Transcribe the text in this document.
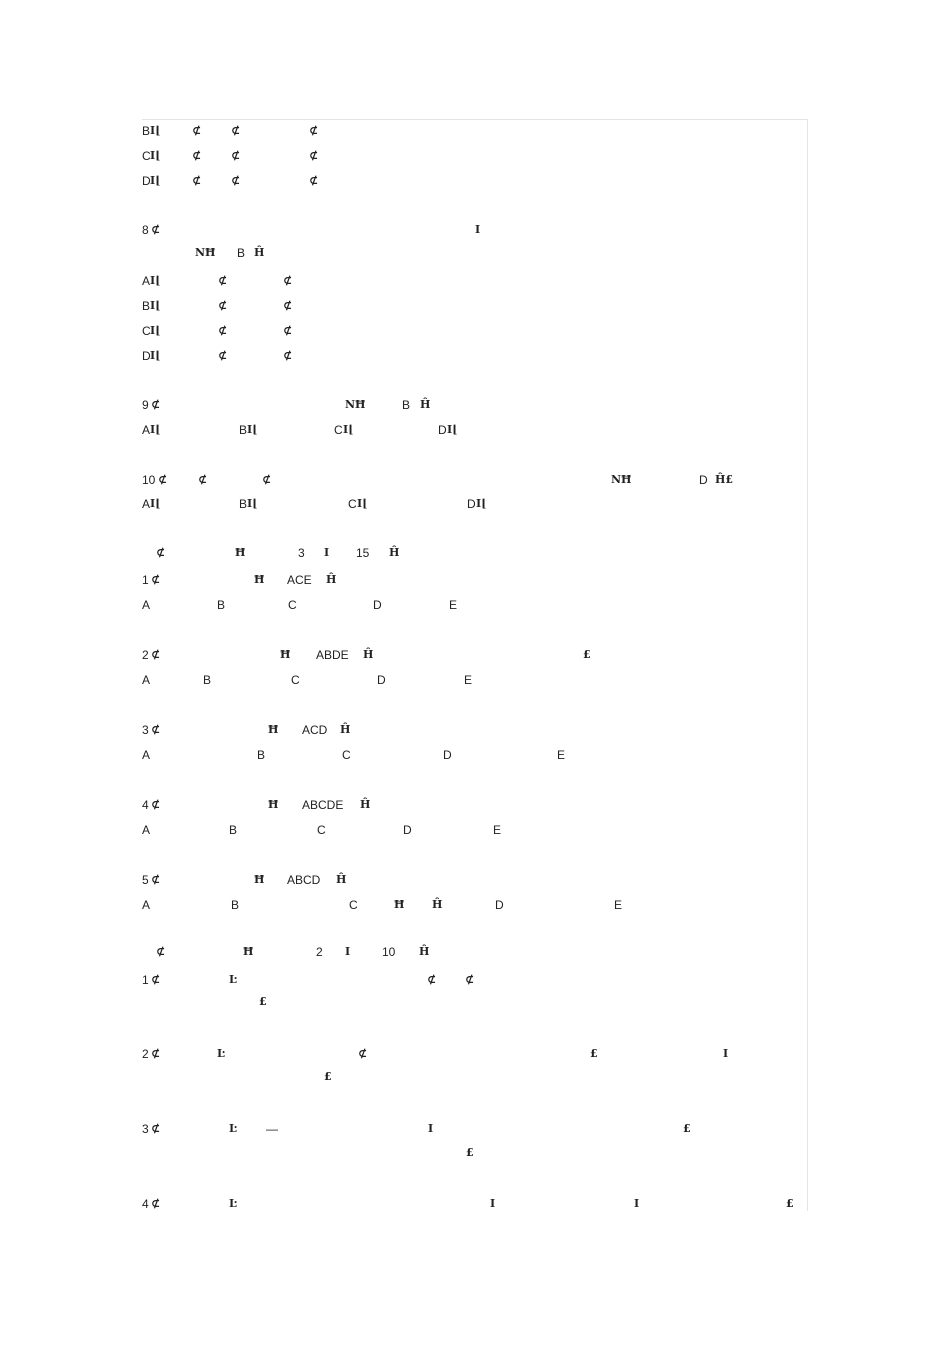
B Ⅰ⌊	⊄	⊄	⊄
C Ⅰ⌊	⊄	⊄	⊄
D Ⅰ⌊	⊄	⊄	⊄
8 ⊄	Ⅰ
NĦ B Ĥ
A Ⅰ⌊	⊄	⊄
B Ⅰ⌊	⊄	⊄
C Ⅰ⌊	⊄	⊄
D Ⅰ⌊	⊄	⊄
9 ⊄	NĦ	B Ĥ
A Ⅰ⌊	B Ⅰ⌊	C Ⅰ⌊	D Ⅰ⌊
10 ⊄	⊄	⊄	NĦ	D Ĥ£
A Ⅰ⌊	B Ⅰ⌊	C Ⅰ⌊	D Ⅰ⌊
⊄	Ħ	3 Ⅰ 15 Ĥ
1 ⊄	Ħ ACE Ĥ
A	B	C	D	E
2 ⊄	Ħ ABDE Ĥ	£
A	B	C	D	E
3 ⊄	Ħ ACD Ĥ
A	B	C	D	E
4 ⊄	Ħ ABCDE Ĥ
A	B	C	D	E
5 ⊄	Ħ ABCD Ĥ
A	B	C	Ħ	Ĥ	D	E
⊄	Ħ	2 Ⅰ	10 Ĥ
1 ⊄	Ŀ	⊄	⊄
£
2 ⊄	Ŀ	⊄	£	Ⅰ
£
3 ⊄	Ŀ —	Ⅰ	£
£
4 ⊄	Ŀ	Ⅰ	Ⅰ	£
